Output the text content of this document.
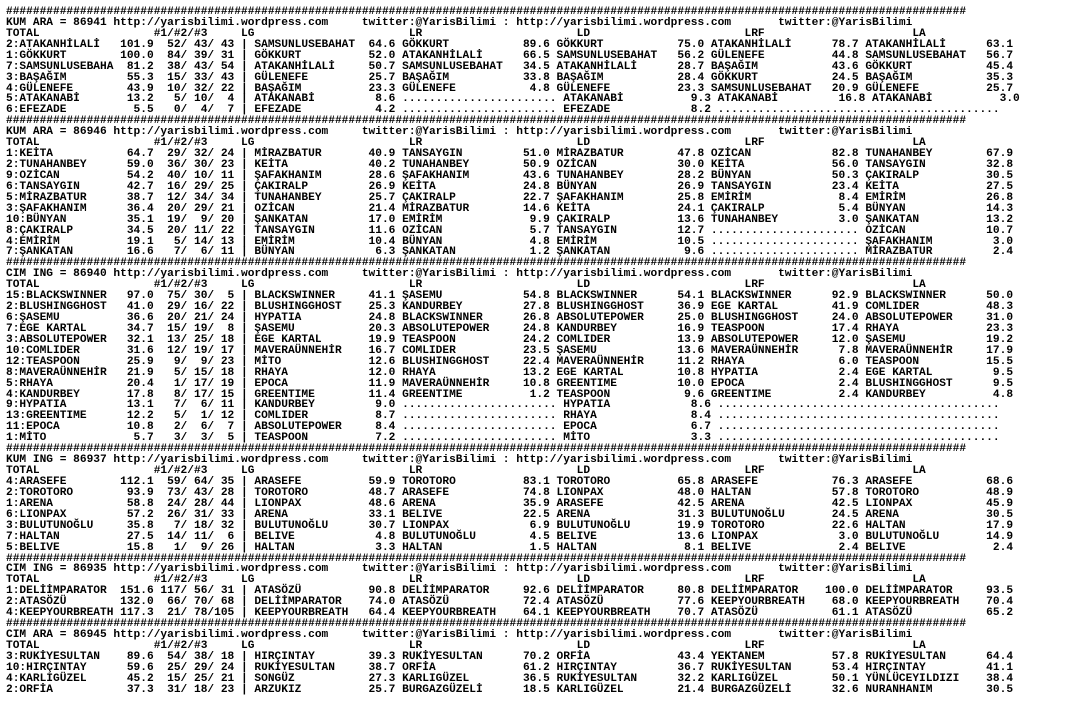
###############################################################################################################################################
KUM ARA = 86941 http://yarisbilimi.wordpress.com     twitter:@YarisBilimi : http://yarisbilimi.wordpress.com       twitter:@YarisBilimi
TOTAL                 #1/#2/#3     LG                       LR                       LD                       LRF                      LA
2:ATAKANHİLALİ   101.9  52/ 43/ 43 | SAMSUNLUSEBAHAT  64.6 GÖKKURT           89.6 GÖKKURT           75.0 ATAKANHİLALİ      78.7 ATAKANHİLALİ      63.1
1:GÖKKURT        100.0  84/ 39/ 31 | GÖKKURT          52.0 ATAKANHİLALİ      66.5 SAMSUNLUSEBAHAT   56.2 GÜLENEFE          44.8 SAMSUNLUSEBAHAT   56.7
7:SAMSUNLUSEBAHA  81.2  38/ 43/ 54 | ATAKANHİLALİ     50.7 SAMSUNLUSEBAHAT   34.5 ATAKANHİLALİ      28.7 BAŞAĞIM           43.6 GÖKKURT           45.4
3:BAŞAĞIM         55.3  15/ 33/ 43 | GÜLENEFE         25.7 BAŞAĞIM           33.8 BAŞAĞIM           28.4 GÖKKURT           24.5 BAŞAĞIM           35.3
4:GÜLENEFE        43.9  10/ 32/ 22 | BAŞAĞIM          23.3 GÜLENEFE           4.8 GÜLENEFE          23.3 SAMSUNLUSEBAHAT   20.9 GÜLENEFE          25.7
5:ATAKANABİ       13.2   5/ 10/  4 | ATAKANABİ         8.6 ....................... ATAKANABİ          9.3 ATAKANABİ         16.8 ATAKANABİ          3.0
6:EFEZADE          5.5   0/  4/  7 | EFEZADE           4.2 ....................... EFEZADE            8.2 ..........................................
###############################################################################################################################################
KUM ARA = 86946 http://yarisbilimi.wordpress.com     twitter:@YarisBilimi : http://yarisbilimi.wordpress.com       twitter:@YarisBilimi
TOTAL                 #1/#2/#3     LG                       LR                       LD                       LRF                      LA
1:KEİTA           64.7  29/ 32/ 24 | MİRAZBATUR       40.9 TANSAYGIN         51.0 MİRAZBATUR        47.8 OZİCAN            82.8 TUNAHANBEY        67.9
2:TUNAHANBEY      59.0  36/ 30/ 23 | KEİTA            40.2 TUNAHANBEY        50.9 OZİCAN            30.0 KEİTA             56.0 TANSAYGIN         32.8
9:OZİCAN          54.2  40/ 10/ 11 | ŞAFAKHANIM       28.6 ŞAFAKHANIM        43.6 TUNAHANBEY        28.2 BÜNYAN            50.3 ÇAKIRALP          30.5
6:TANSAYGIN       42.7  16/ 29/ 25 | ÇAKIRALP         26.9 KEİTA             24.8 BÜNYAN            26.9 TANSAYGIN         23.4 KEİTA             27.5
5:MİRAZBATUR      38.7  12/ 34/ 34 | TUNAHANBEY       25.7 ÇAKIRALP          22.7 ŞAFAKHANIM        25.8 EMİRİM             8.4 EMİRİM            26.8
3:ŞAFAKHANIM      36.4  20/ 29/ 21 | OZİCAN           21.4 MİRAZBATUR        14.6 KEİTA             24.1 ÇAKIRALP           5.4 BÜNYAN            14.3
10:BÜNYAN         35.1  19/  9/ 20 | ŞANKATAN         17.0 EMİRİM             9.9 ÇAKIRALP          13.6 TUNAHANBEY         3.0 ŞANKATAN          13.2
8:ÇAKIRALP        34.5  20/ 11/ 22 | TANSAYGIN        11.6 OZİCAN             5.7 TANSAYGIN         12.7 ...................... OZİCAN            10.7
4:EMİRİM          19.1   5/ 14/ 13 | EMİRİM           10.4 BÜNYAN             4.8 EMİRİM            10.5 ...................... ŞAFAKHANIM         3.0
7:ŞANKATAN        16.6   7/  6/ 11 | BÜNYAN            6.3 ŞANKATAN           1.2 ŞANKATAN           9.6 ...................... MİRAZBATUR         2.4
###############################################################################################################################################
CIM ING = 86940 http://yarisbilimi.wordpress.com     twitter:@YarisBilimi : http://yarisbilimi.wordpress.com       twitter:@YarisBilimi
TOTAL                 #1/#2/#3     LG                       LR                       LD                       LRF                      LA
15:BLACKSWINNER   97.0  75/ 30/  5 | BLACKSWINNER     41.1 ŞASEMU            54.8 BLACKSWINNER      54.1 BLACKSWINNER      92.9 BLACKSWINNER      50.0
2:BLUSHINGGHOST   41.0  29/ 16/ 22 | BLUSHINGGHOST    25.3 KANDURBEY         27.8 BLUSHINGGHOST     36.9 EGE KARTAL        41.9 COMLIDER          48.3
6:ŞASEMU          36.6  20/ 21/ 24 | HYPATIA          24.8 BLACKSWINNER      26.8 ABSOLUTEPOWER     25.0 BLUSHINGGHOST     24.0 ABSOLUTEPOWER     31.0
7:EGE KARTAL      34.7  15/ 19/  8 | ŞASEMU           20.3 ABSOLUTEPOWER     24.8 KANDURBEY         16.9 TEASPOON          17.4 RHAYA             23.3
3:ABSOLUTEPOWER   32.1  13/ 25/ 18 | EGE KARTAL       19.9 TEASPOON          24.2 COMLIDER          13.9 ABSOLUTEPOWER     12.0 ŞASEMU            19.2
10:COMLIDER       31.6  12/ 19/ 17 | MAVERAÜNNEHİR    16.7 COMLIDER          23.5 ŞASEMU            13.6 MAVERAÜNNEHİR      7.8 MAVERAÜNNEHİR     17.9
12:TEASPOON       25.9   9/  9/ 23 | MİTO             12.6 BLUSHINGGHOST     22.4 MAVERAÜNNEHİR     11.2 RHAYA              6.0 TEASPOON          15.5
8:MAVERAÜNNEHİR   21.9   5/ 15/ 18 | RHAYA            12.0 RHAYA             13.2 EGE KARTAL        10.8 HYPATIA            2.4 EGE KARTAL         9.5
5:RHAYA           20.4   1/ 17/ 19 | EPOCA            11.9 MAVERAÜNNEHİR     10.8 GREENTIME         10.0 EPOCA              2.4 BLUSHINGGHOST      9.5
4:KANDURBEY       17.8   8/ 17/ 15 | GREENTIME        11.4 GREENTIME          1.2 TEASPOON           9.6 GREENTIME          2.4 KANDURBEY          4.8
9:HYPATIA         13.1   7/  6/ 11 | KANDURBEY         9.0 ....................... HYPATIA            8.6 ..........................................
13:GREENTIME      12.2   5/  1/ 12 | COMLIDER          8.7 ....................... RHAYA              8.4 ..........................................
11:EPOCA          10.8   2/  6/  7 | ABSOLUTEPOWER     8.4 ....................... EPOCA              6.7 ..........................................
1:MİTO             5.7   3/  3/  5 | TEASPOON          7.2 ....................... MİTO               3.3 ..........................................
###############################################################################################################################################
KUM ING = 86937 http://yarisbilimi.wordpress.com     twitter:@YarisBilimi : http://yarisbilimi.wordpress.com       twitter:@YarisBilimi
TOTAL                 #1/#2/#3     LG                       LR                       LD                       LRF                      LA
4:ARASEFE        112.1  59/ 64/ 35 | ARASEFE          59.9 TOROTORO          83.1 TOROTORO          65.8 ARASEFE           76.3 ARASEFE           68.6
2:TOROTORO        93.9  73/ 43/ 28 | TOROTORO         48.7 ARASEFE           74.8 LIONPAX           48.0 HALTAN            57.8 TOROTORO          48.9
1:ARENA           58.8  24/ 28/ 44 | LIONPAX          48.6 ARENA             35.9 ARASEFE           42.5 ARENA             42.5 LIONPAX           45.9
6:LIONPAX         57.2  26/ 31/ 33 | ARENA            33.1 BELIVE            22.5 ARENA             31.3 BULUTUNOĞLU       24.5 ARENA             30.5
3:BULUTUNOĞLU     35.8   7/ 18/ 32 | BULUTUNOĞLU      30.7 LIONPAX            6.9 BULUTUNOĞLU       19.9 TOROTORO          22.6 HALTAN            17.9
7:HALTAN          27.5  14/ 11/  6 | BELIVE            4.8 BULUTUNOĞLU        4.5 BELIVE            13.6 LIONPAX            3.0 BULUTUNOĞLU       14.9
5:BELIVE          15.8   1/  9/ 26 | HALTAN            3.3 HALTAN             1.5 HALTAN             8.1 BELIVE             2.4 BELIVE             2.4
###############################################################################################################################################
CIM ING = 86935 http://yarisbilimi.wordpress.com     twitter:@YarisBilimi : http://yarisbilimi.wordpress.com       twitter:@YarisBilimi
TOTAL                 #1/#2/#3     LG                       LR                       LD                       LRF                      LA
1:DELİİMPARATOR  151.6 117/ 56/ 31 | ATASÖZÜ          90.8 DELİİMPARATOR     92.6 DELİİMPARATOR     80.8 DELİİMPARATOR    100.0 DELİİMPARATOR     93.5
2:ATASÖZÜ        132.0  66/ 70/ 68 | DELİİMPARATOR    74.0 ATASÖZÜ           72.4 ATASÖZÜ           77.6 KEEPYOURBREATH    68.0 KEEPYOURBREATH    70.4
4:KEEPYOURBREATH 117.3  21/ 78/105 | KEEPYOURBREATH   64.4 KEEPYOURBREATH    64.1 KEEPYOURBREATH    70.7 ATASÖZÜ           61.1 ATASÖZÜ           65.2
###############################################################################################################################################
CIM ARA = 86945 http://yarisbilimi.wordpress.com     twitter:@YarisBilimi : http://yarisbilimi.wordpress.com       twitter:@YarisBilimi
TOTAL                 #1/#2/#3     LG                       LR                       LD                       LRF                      LA
3:RUKİYESULTAN    89.6  54/ 38/ 18 | HIRÇINTAY        39.3 RUKİYESULTAN      70.2 ORFİA             43.4 YEKTANEM          57.8 RUKİYESULTAN      64.4
10:HIRÇINTAY      59.6  25/ 29/ 24 | RUKİYESULTAN     38.7 ORFİA             61.2 HIRÇINTAY         36.7 RUKİYESULTAN      53.4 HIRÇINTAY         41.1
4:KARLIGÜZEL      45.2  15/ 25/ 21 | SONGÜZ           27.3 KARLIGÜZEL        36.5 RUKİYESULTAN      32.2 KARLIGÜZEL        50.1 YÜNLÜCEYILDIZI    38.4
2:ORFİA           37.3  31/ 18/ 23 | ARZUKIZ          25.7 BURGAZGÜZELİ      18.5 KARLIGÜZEL        21.4 BURGAZGÜZELİ      32.6 NURANHANIM        30.5
